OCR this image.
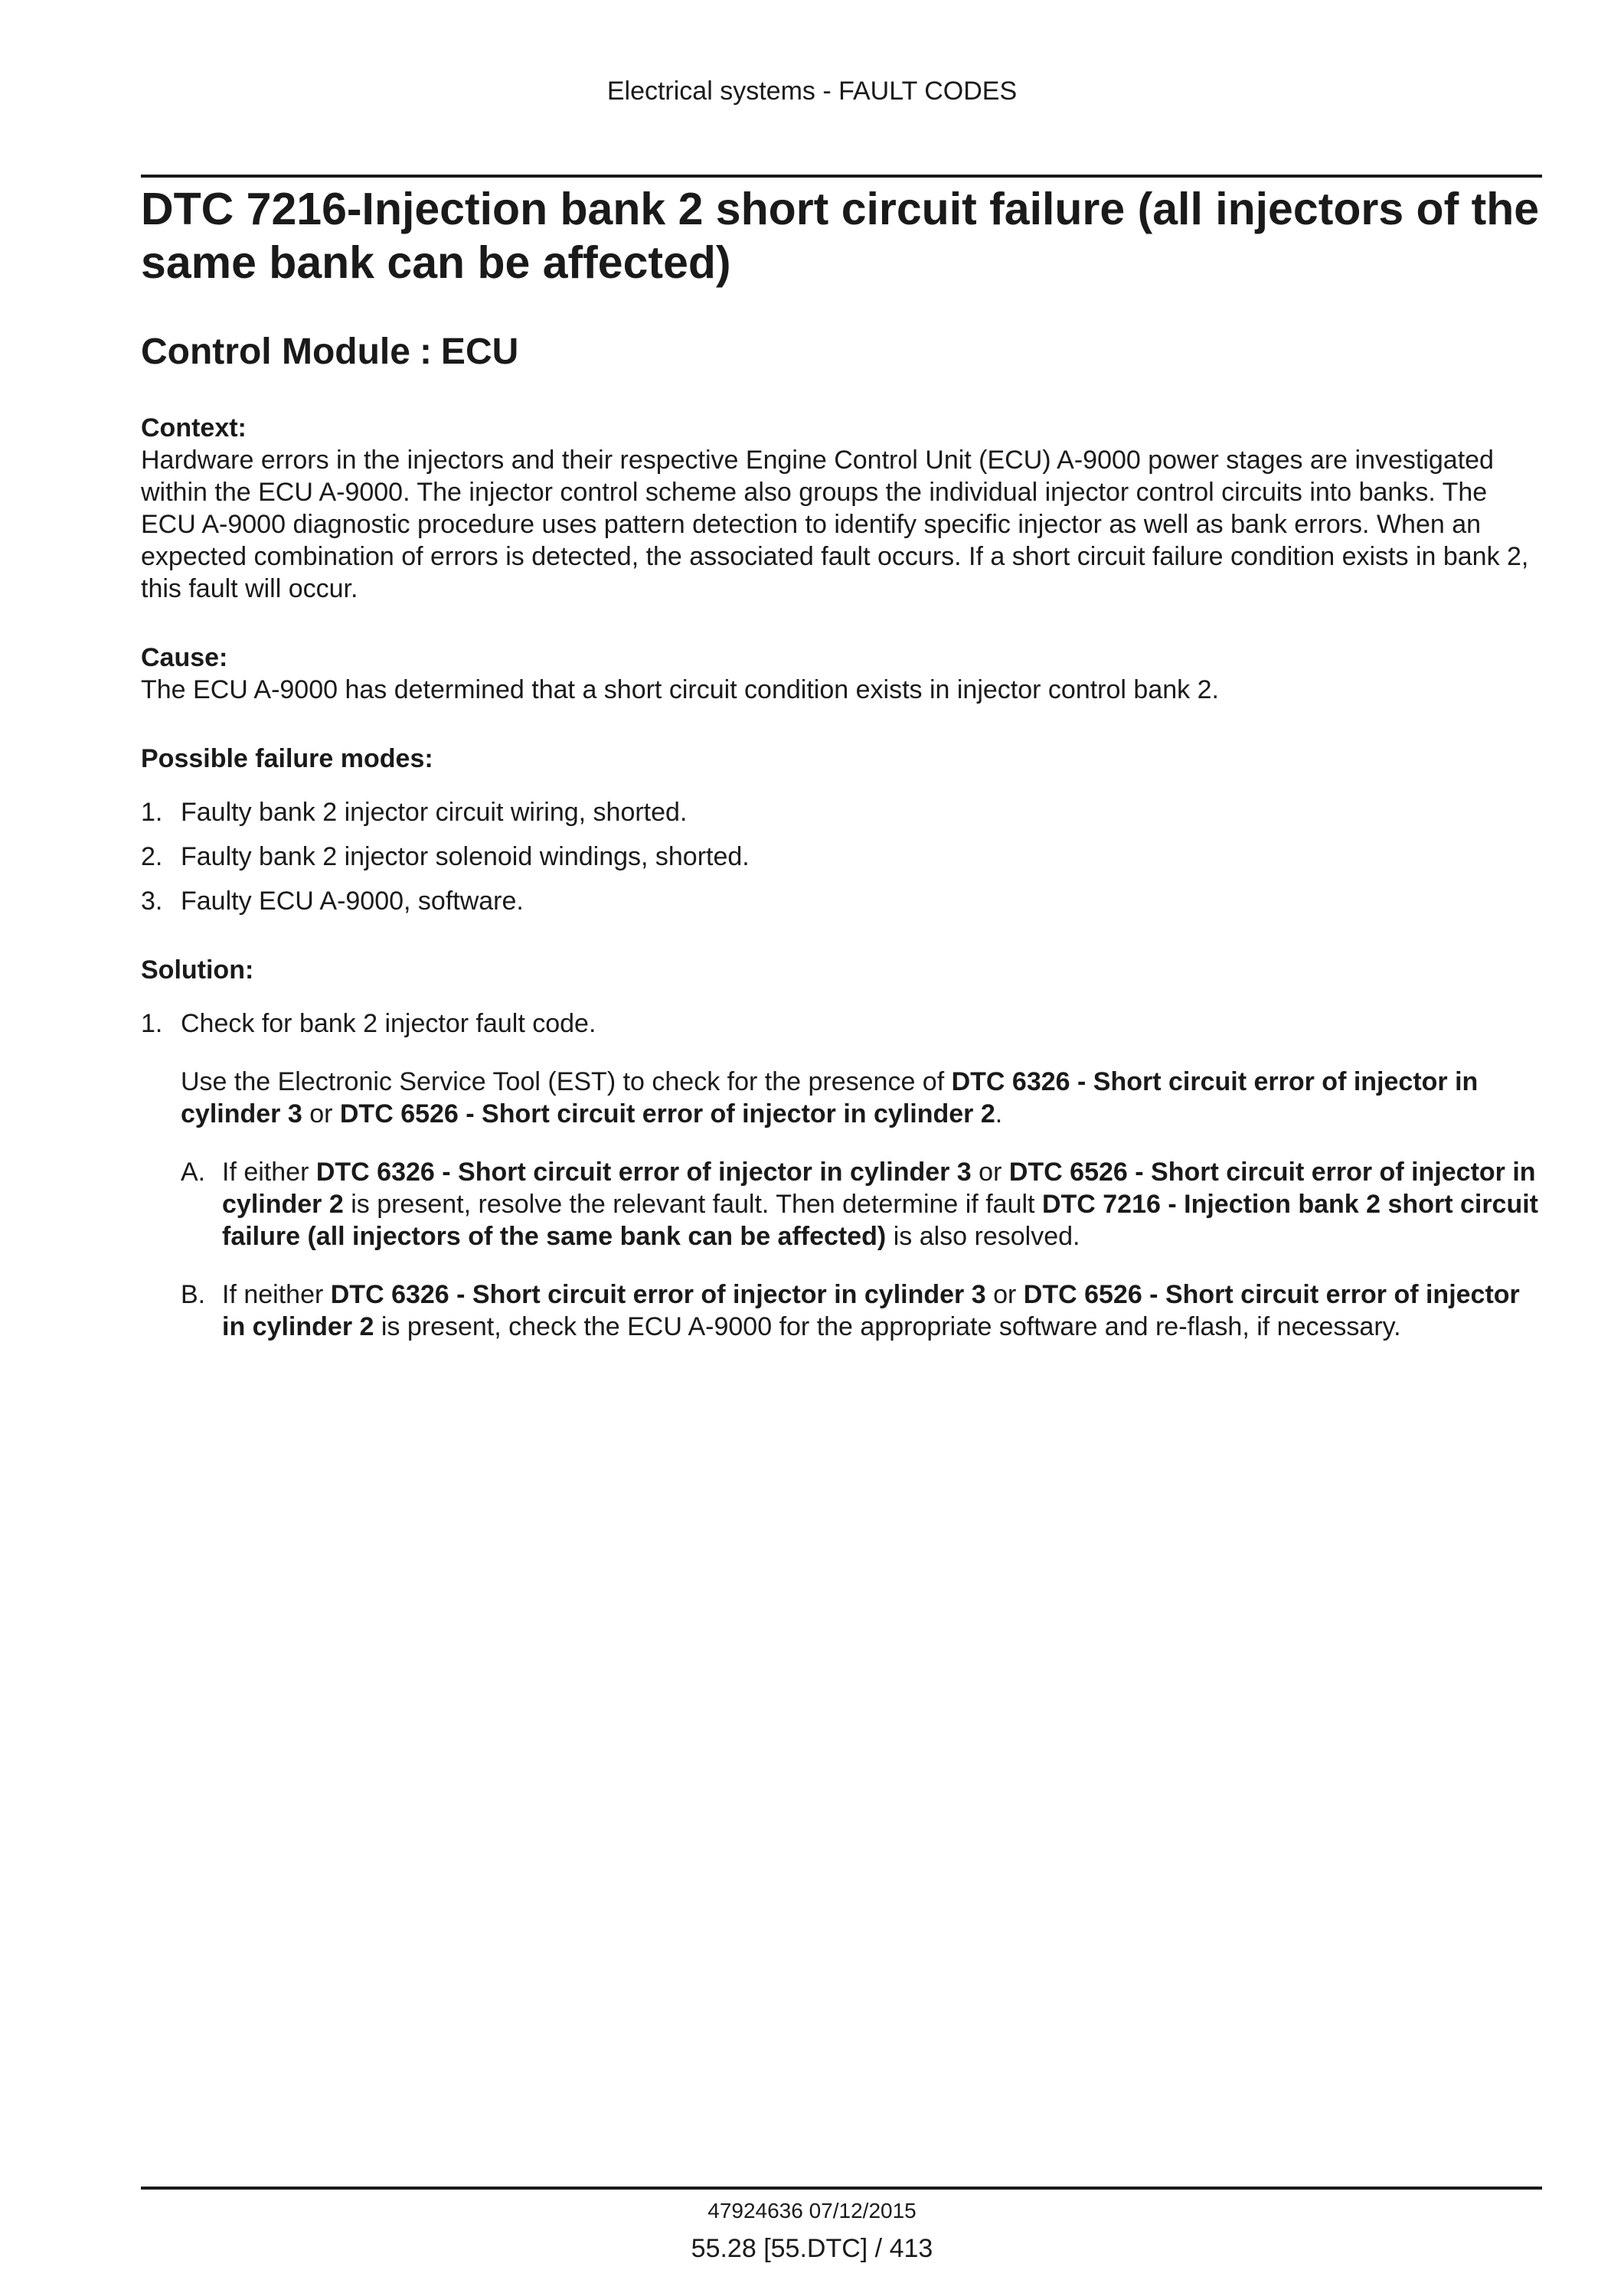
Electrical systems - FAULT CODES
DTC 7216-Injection bank 2 short circuit failure (all injectors of the same bank can be affected)
Control Module : ECU
Context:
Hardware errors in the injectors and their respective Engine Control Unit (ECU) A-9000 power stages are investigated within the ECU A-9000. The injector control scheme also groups the individual injector control circuits into banks. The ECU A-9000 diagnostic procedure uses pattern detection to identify specific injector as well as bank errors. When an expected combination of errors is detected, the associated fault occurs. If a short circuit failure condition exists in bank 2, this fault will occur.
Cause:
The ECU A-9000 has determined that a short circuit condition exists in injector control bank 2.
Possible failure modes:
1. Faulty bank 2 injector circuit wiring, shorted.
2. Faulty bank 2 injector solenoid windings, shorted.
3. Faulty ECU A-9000, software.
Solution:
1. Check for bank 2 injector fault code.
Use the Electronic Service Tool (EST) to check for the presence of DTC 6326 - Short circuit error of injector in cylinder 3 or DTC 6526 - Short circuit error of injector in cylinder 2.
A. If either DTC 6326 - Short circuit error of injector in cylinder 3 or DTC 6526 - Short circuit error of injector in cylinder 2 is present, resolve the relevant fault. Then determine if fault DTC 7216 - Injection bank 2 short circuit failure (all injectors of the same bank can be affected) is also resolved.
B. If neither DTC 6326 - Short circuit error of injector in cylinder 3 or DTC 6526 - Short circuit error of injector in cylinder 2 is present, check the ECU A-9000 for the appropriate software and re-flash, if necessary.
47924636 07/12/2015
55.28 [55.DTC] / 413
